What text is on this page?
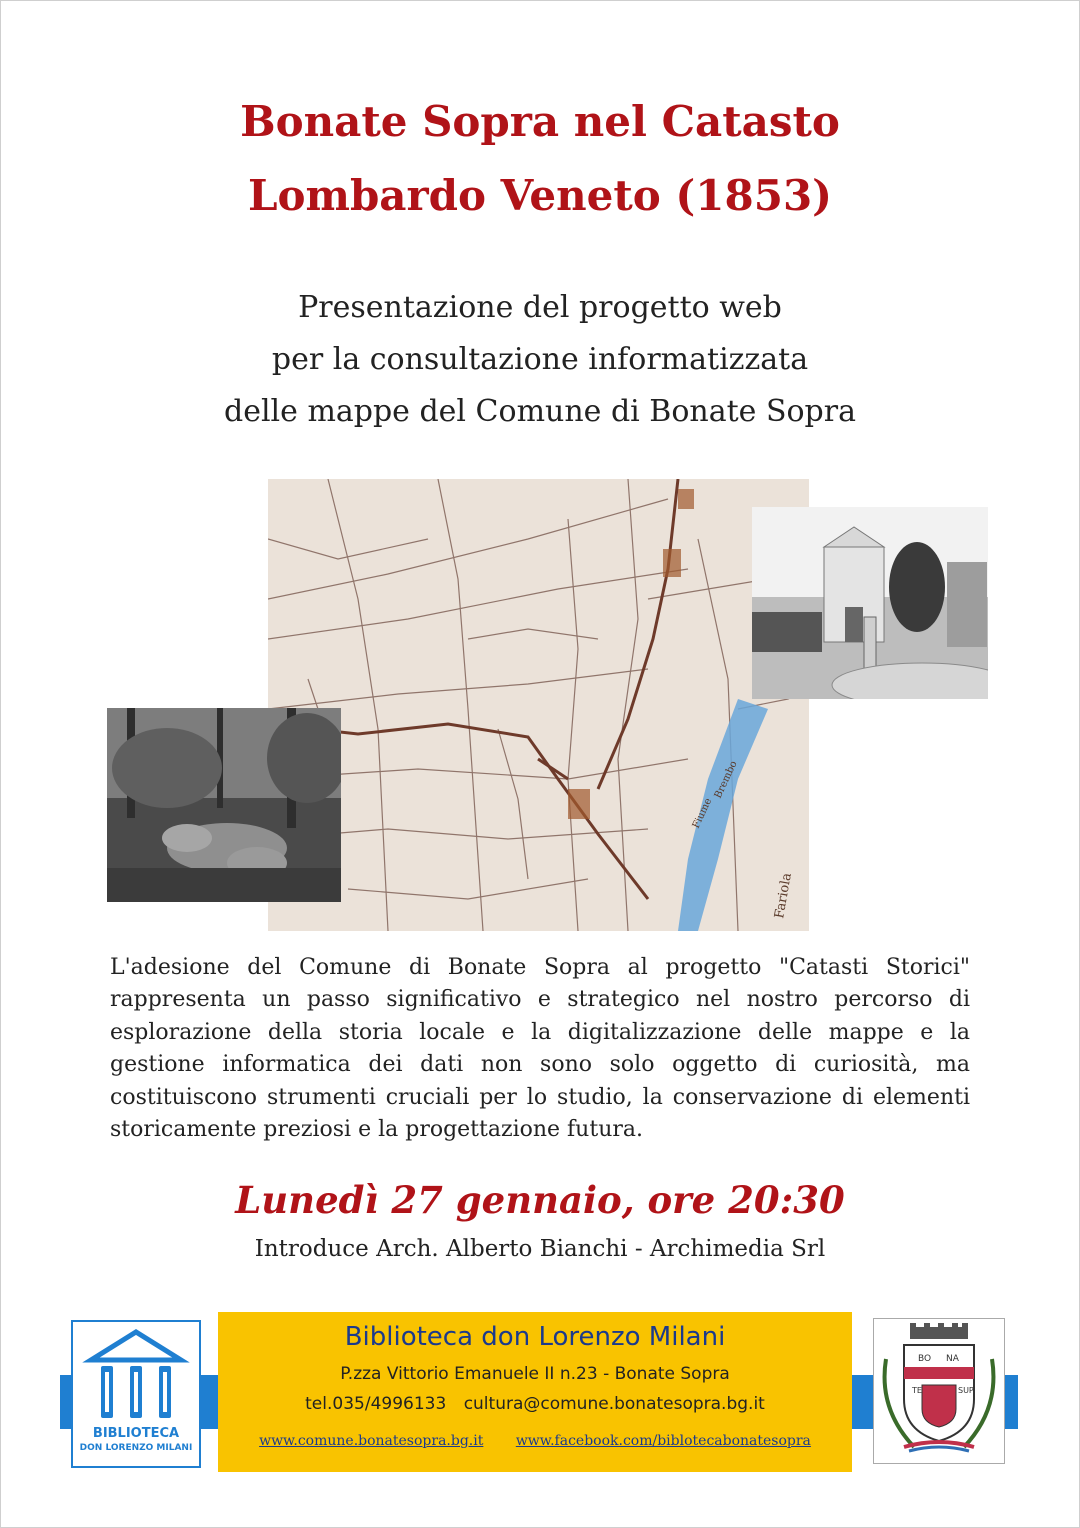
Bonate Sopra nel Catasto
Lombardo Veneto (1853)
Presentazione del progetto web
per la consultazione informatizzata
delle mappe del Comune di Bonate Sopra
Fiume
Brembo
Fariola
L'adesione del Comune di Bonate Sopra al progetto "Catasti Storici" rappresenta un passo significativo e strategico nel nostro percorso di esplorazione della storia locale e la digitalizzazione delle mappe e la gestione informatica dei dati non sono solo oggetto di curiosità, ma costituiscono strumenti cruciali per lo studio, la conservazione di elementi storicamente preziosi e la progettazione futura.
Lunedì 27 gennaio, ore 20:30
Introduce Arch. Alberto Bianchi - Archimedia Srl
BIBLIOTECA
DON LORENZO MILANI
Biblioteca don Lorenzo Milani
P.zza Vittorio Emanuele II n.23 - Bonate Sopra
tel.035/4996133 cultura@comune.bonatesopra.bg.it
www.comune.bonatesopra.bg.it www.facebook.com/biblotecabonatesopra
BO NA
TE	SUP
